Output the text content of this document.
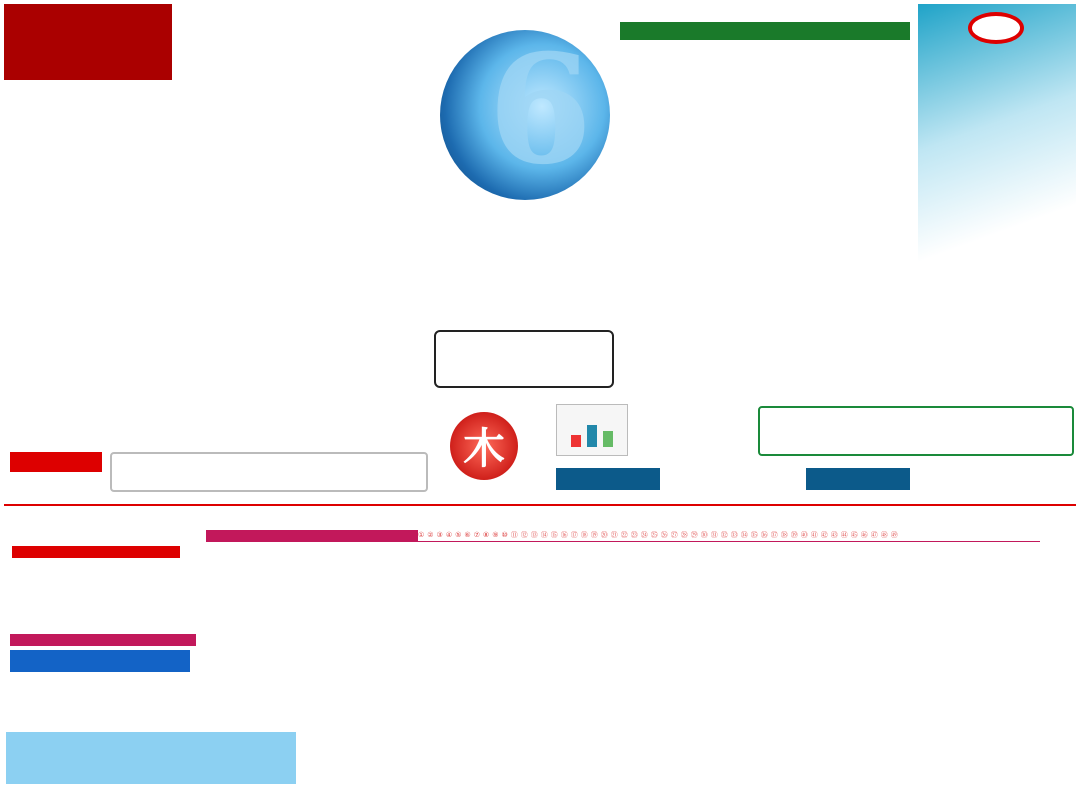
6
木
①②③④⑤⑥⑦⑧⑨⑩⑪⑫⑬⑭⑮⑯⑰⑱⑲⑳㉑㉒㉓㉔㉕㉖㉗㉘㉙㉚㉛㉜㉝㉞㉟㊱㊲㊳㊴㊵㊶㊷㊸㊹㊺㊻㊼㊽㊾
